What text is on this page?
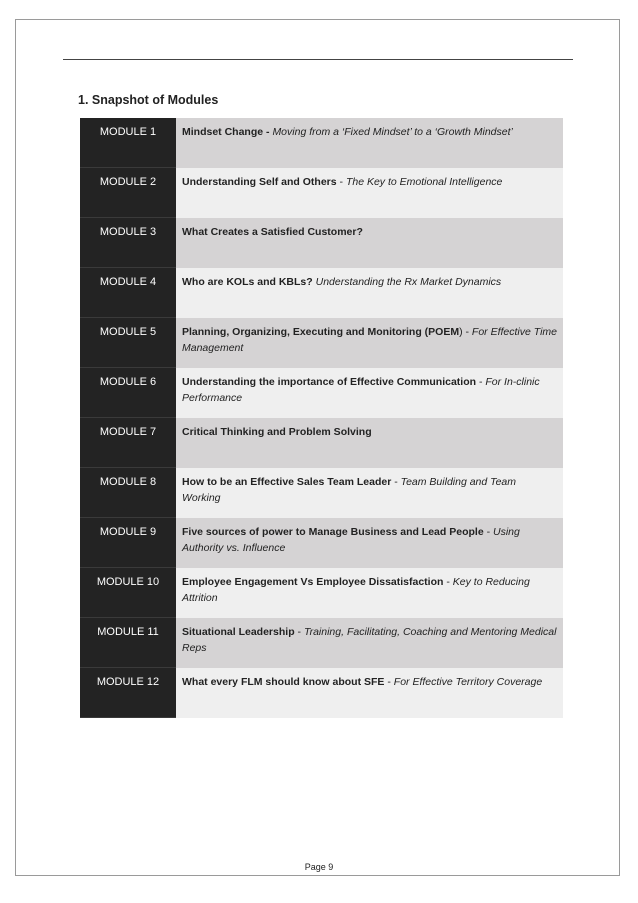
1. Snapshot of Modules
MODULE 1	Mindset Change - Moving from a ‘Fixed Mindset’ to a ‘Growth Mindset’
MODULE 2	Understanding Self and Others - The Key to Emotional Intelligence
MODULE 3	What Creates a Satisfied Customer?
MODULE 4	Who are KOLs and KBLs? Understanding the Rx Market Dynamics
MODULE 5	Planning, Organizing, Executing and Monitoring (POEM) - For Effective Time Management
MODULE 6	Understanding the importance of Effective Communication - For In-clinic Performance
MODULE 7	Critical Thinking and Problem Solving
MODULE 8	How to be an Effective Sales Team Leader - Team Building and Team Working
MODULE 9	Five sources of power to Manage Business and Lead People - Using Authority vs. Influence
MODULE 10	Employee Engagement Vs Employee Dissatisfaction - Key to Reducing Attrition
MODULE 11	Situational Leadership - Training, Facilitating, Coaching and Mentoring Medical Reps
MODULE 12	What every FLM should know about SFE - For Effective Territory Coverage
Page 9
